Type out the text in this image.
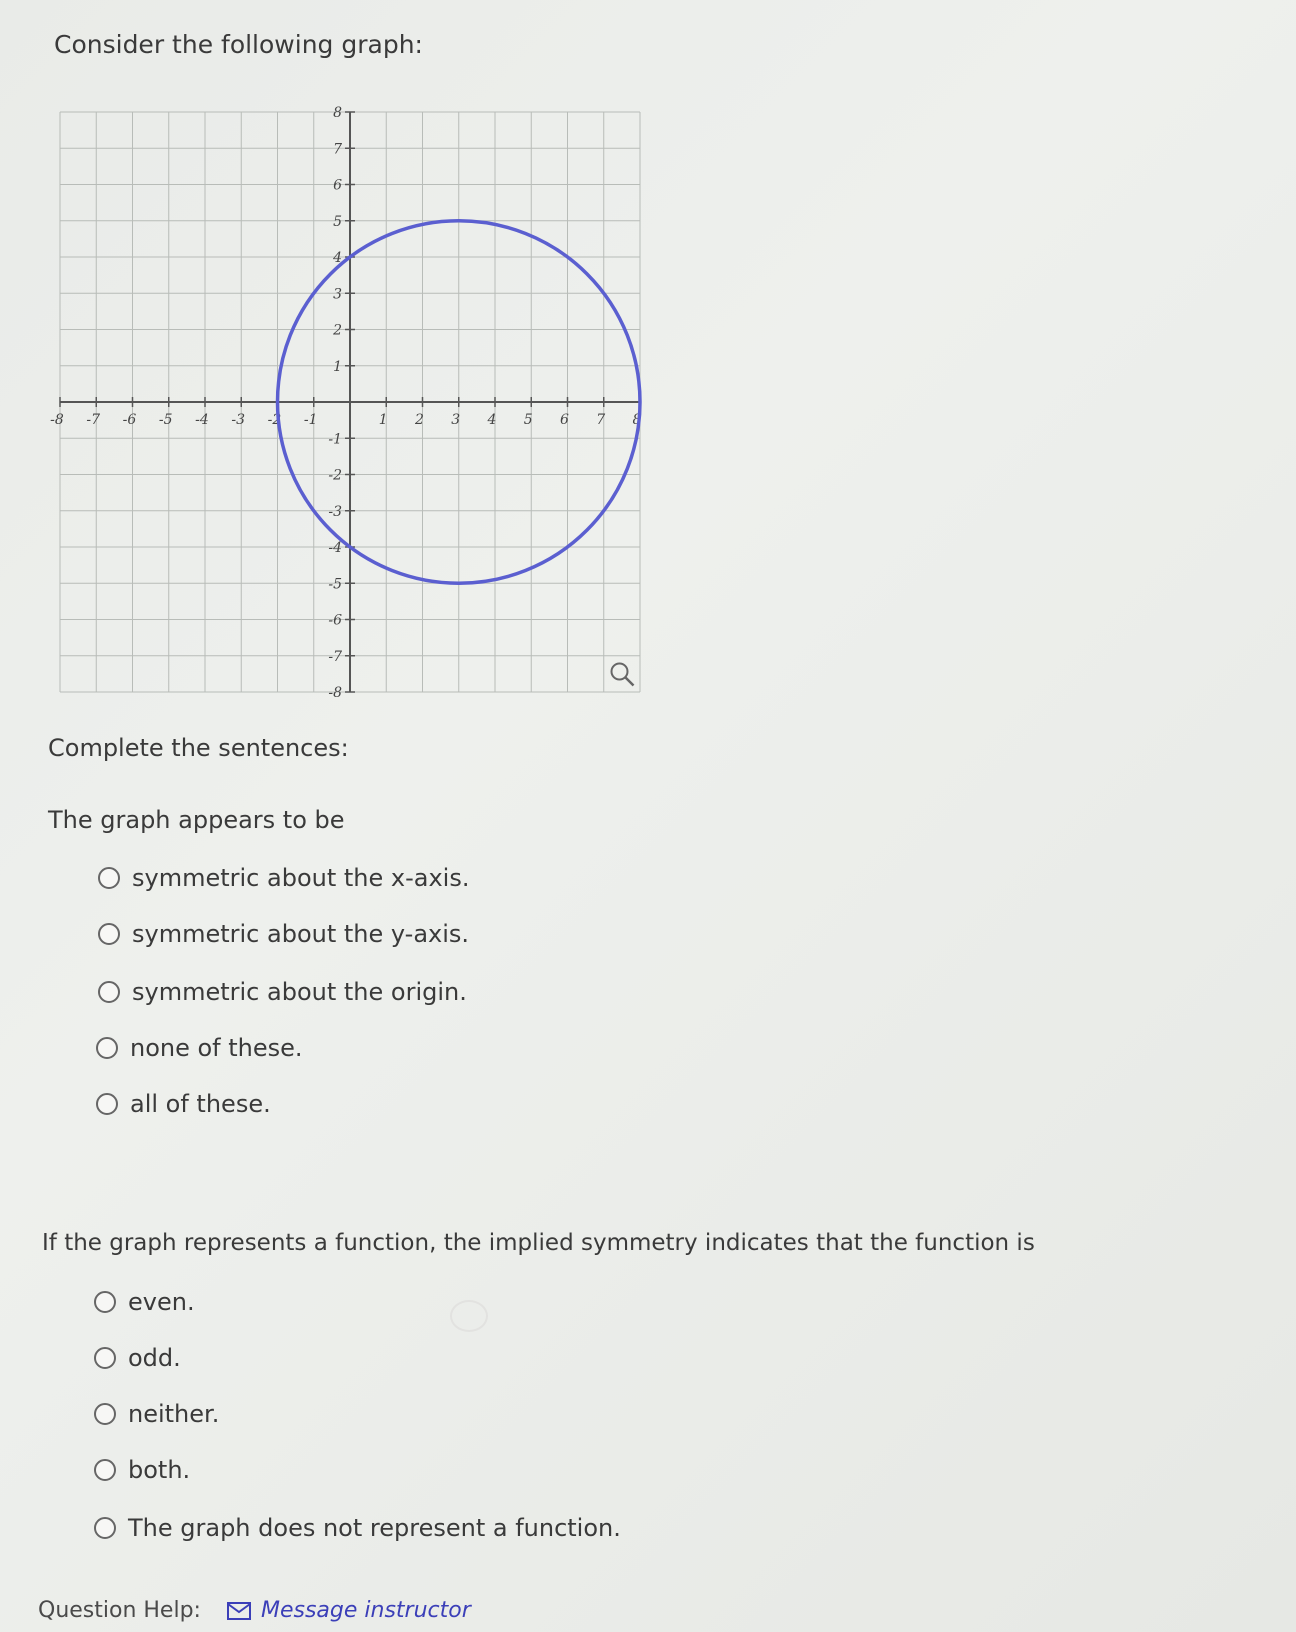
Consider the following graph:
-8 -7 -6 -5 -4 -3 -2 -1	1 2 3 4 5 6 7 8
8
7
6
5
4
3
2
1
-1
-2
-3
-4
-5
-6
-7
-8
Complete the sentences:
The graph appears to be
symmetric about the x-axis.
symmetric about the y-axis.
symmetric about the origin.
none of these.
all of these.
If the graph represents a function, the implied symmetry indicates that the function is
even.
odd.
neither.
both.
The graph does not represent a function.
Question Help:	Message instructor
